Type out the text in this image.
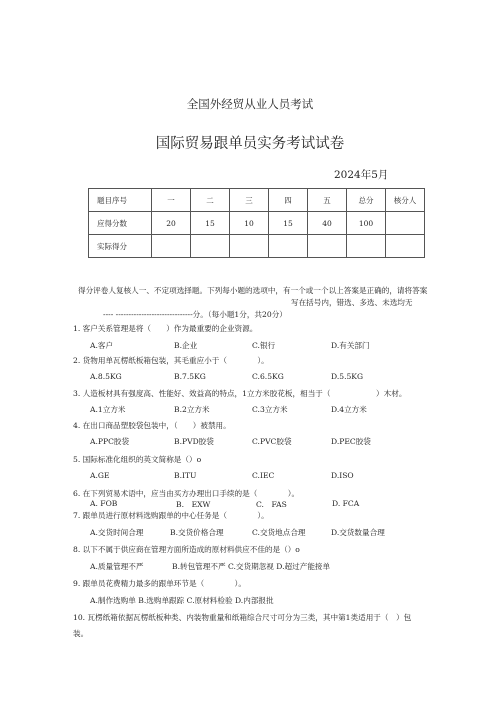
全国外经贸从业人员考试
国际贸易跟单员实务考试试卷
2024年5月
题目序号	一	二	三	四	五	总分	核分人
应得分数	20	15	10	15	40	100	
实际得分							
得分评卷人复核人一、不定项选择题。下列每小题的选项中，有一个或一个以上答案是正确的，请将答案
写在括号内，错选、多选、未选均无
---- ------------------------------分。（每小题1分，共20分）
1. 客户关系管理是将（　　）作为最重要的企业资源。
A.客户	B.企业	C.银行	D.有关部门
2. 货物用单瓦楞纸板箱包装，其毛重应小于（　　　　）。
A.8.5KG	B.7.5KG	C.6.5KG	D.5.5KG
3. 人造板材具有强度高、性能好、效益高的特点，1立方米胶花板，相当于（　　　　　　）木材。
A.1立方米	B.2立方米	C.3立方米	D.4立方米
4. 在出口商品塑胶袋包装中，（　　）被禁用。
A.PPC胶袋	B.PVD胶袋	C.PVC胶袋	D.PEC胶袋
5. 国际标准化组织的英文简称是（）o
A.GE	B.ITU	C.IEC	D.ISO
6. 在下列贸易术语中，应当由买方办理出口手续的是（　　　　）。
A. FOB	B.　EXW	C.　FAS	D. FCA
7. 跟单员进行原材料选购跟单的中心任务是（　　　　）。
A.交货时间合理	B.交货价格合理	C.交货地点合理	D.交货数量合理
8. 以下不属于供应商在管理方面所造成的原材料供应不佳的是（）o
A.质量管理不严	B.转包管理不严 C.交货期忽视 D.超过产能接单
9. 跟单员花费精力最多的跟单环节是（　　　　）。
A.制作选购单 B.选购单跟踪 C.原材料检验 D.内部报批
10. 瓦楞纸箱依据瓦楞纸板种类、内装物重量和纸箱综合尺寸可分为三类，其中第1类适用于（　）包
装。
